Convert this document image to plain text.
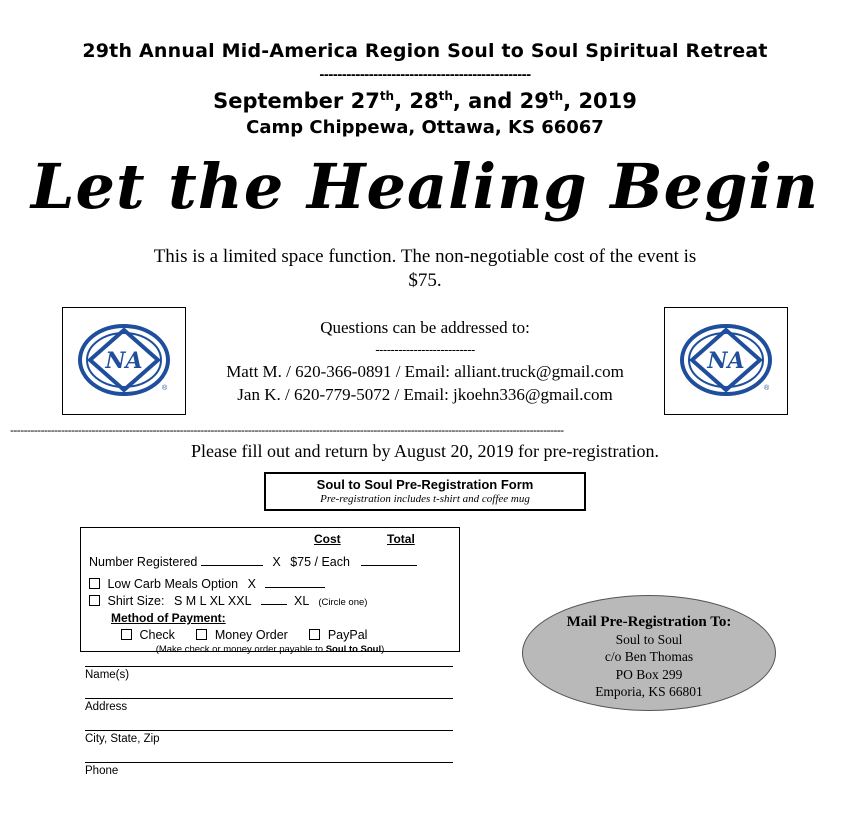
29th Annual Mid-America Region Soul to Soul Spiritual Retreat
-----------------------------------------------
September 27th, 28th, and 29th, 2019
Camp Chippewa, Ottawa, KS 66067
Let the Healing Begin
This is a limited space function. The non-negotiable cost of the event is $75.
NA
®
Questions can be addressed to:
--------------------------
Matt M. / 620-366-0891 / Email: alliant.truck@gmail.com
Jan K. / 620-779-5072 / Email: jkoehn336@gmail.com
NA
®
-------------------------------------------------------------------------------------------------------------------------------------------------------------------
Please fill out and return by August 20, 2019 for pre-registration.
Soul to Soul Pre-Registration Form
Pre-registration includes t-shirt and coffee mug
Cost	Total
Number Registered	X $75 / Each
Low Carb Meals Option X
Shirt Size: S M L XL XXL	XL (Circle one)
Method of Payment:
Check	Money Order	PayPal
(Make check or money order payable to Soul to Soul)
Mail Pre-Registration To:
Soul to Soul
c/o Ben Thomas
PO Box 299
Emporia, KS 66801
Name(s)
Address
City, State, Zip
Phone
